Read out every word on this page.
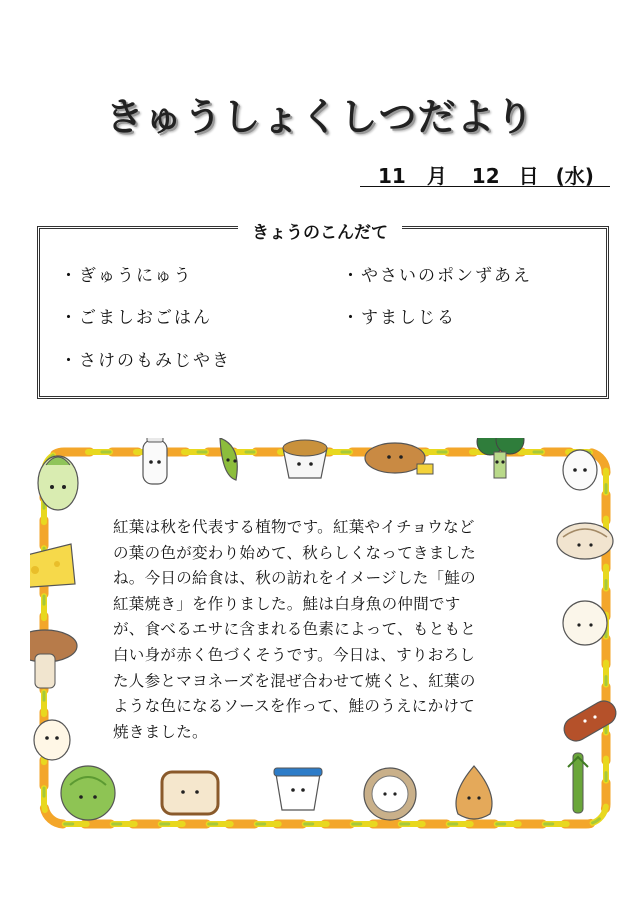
きゅうしょくしつだより
11 月 12 日 (水)
きょうのこんだて
・ぎゅうにゅう
・ごましおごはん
・さけのもみじやき
・やさいのポンずあえ
・すましじる
紅葉は秋を代表する植物です。紅葉やイチョウなど
の葉の色が変わり始めて、秋らしくなってきました
ね。今日の給食は、秋の訪れをイメージした「鮭の
紅葉焼き」を作りました。鮭は白身魚の仲間です
が、食べるエサに含まれる色素によって、もともと
白い身が赤く色づくそうです。今日は、すりおろし
た人参とマヨネーズを混ぜ合わせて焼くと、紅葉の
ような色になるソースを作って、鮭のうえにかけて
焼きました。
